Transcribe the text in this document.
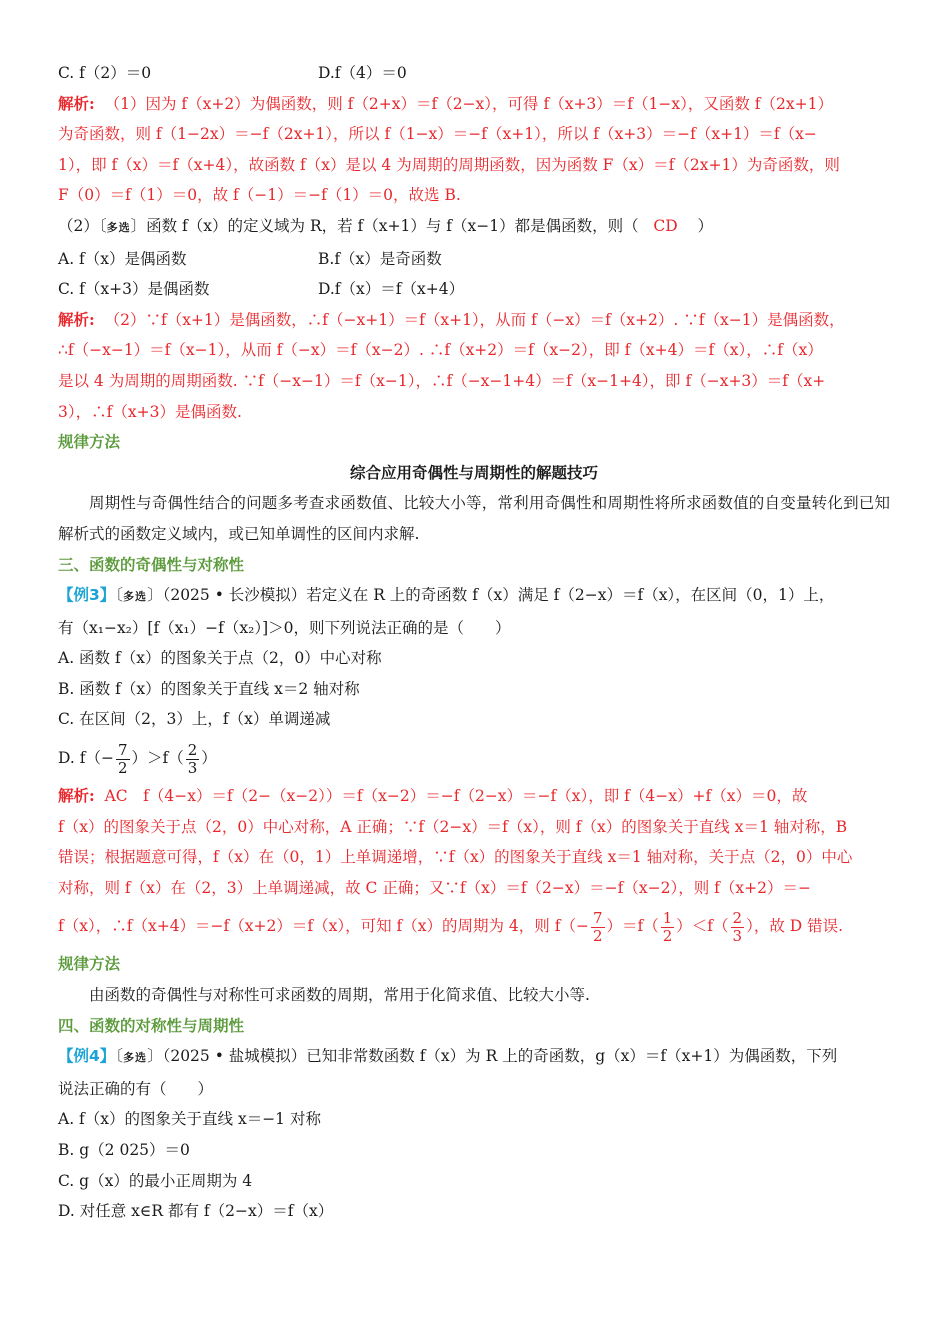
C. f（2）＝0	D.f（4）＝0
解析: （1）因为 f（x+2）为偶函数，则 f（2+x）＝f（2−x），可得 f（x+3）＝f（1−x），又函数 f（2x+1）
为奇函数，则 f（1−2x）＝−f（2x+1），所以 f（1−x）＝−f（x+1），所以 f（x+3）＝−f（x+1）＝f（x−
1），即 f（x）＝f（x+4），故函数 f（x）是以 4 为周期的周期函数，因为函数 F（x）＝f（2x+1）为奇函数，则
F（0）＝f（1）＝0，故 f（−1）＝−f（1）＝0，故选 B.
（2）〔多选〕函数 f（x）的定义域为 R，若 f（x+1）与 f（x−1）都是偶函数，则（ CD ）
A. f（x）是偶函数	B.f（x）是奇函数
C. f（x+3）是偶函数	D.f（x）＝f（x+4）
解析: （2）∵f（x+1）是偶函数，∴f（−x+1）＝f（x+1），从而 f（−x）＝f（x+2）. ∵f（x−1）是偶函数，
∴f（−x−1）＝f（x−1），从而 f（−x）＝f（x−2）. ∴f（x+2）＝f（x−2），即 f（x+4）＝f（x），∴f（x）
是以 4 为周期的周期函数. ∵f（−x−1）＝f（x−1），∴f（−x−1+4）＝f（x−1+4），即 f（−x+3）＝f（x+
3），∴f（x+3）是偶函数.
规律方法
综合应用奇偶性与周期性的解题技巧
周期性与奇偶性结合的问题多考查求函数值、比较大小等，常利用奇偶性和周期性将所求函数值的自变量转化到已知解析式的函数定义域内，或已知单调性的区间内求解.
三、函数的奇偶性与对称性
【例3】〔多选〕（2025 • 长沙模拟）若定义在 R 上的奇函数 f（x）满足 f（2−x）＝f（x），在区间（0，1）上，
有（x₁−x₂）[f（x₁）−f（x₂）]＞0，则下列说法正确的是（　　）
A. 函数 f（x）的图象关于点（2，0）中心对称
B. 函数 f（x）的图象关于直线 x＝2 轴对称
C. 在区间（2，3）上，f（x）单调递减
D. $f(- \frac{7}{2} )>f( \frac{2}{3}$ ）
解析: AC　f（4−x）＝f（2−（x−2））＝f（x−2）＝−f（2−x）＝−f（x），即 f（4−x）+f（x）＝0，故
f（x）的图象关于点（2，0）中心对称，A 正确；∵f（2−x）＝f（x），则 f（x）的图象关于直线 x＝1 轴对称，B
错误；根据题意可得，f（x）在（0，1）上单调递增，∵f（x）的图象关于直线 x＝1 轴对称，关于点（2，0）中心
对称，则 f（x）在（2，3）上单调递减，故 C 正确；又∵f（x）＝f（2−x）＝−f（x−2），则 f（x+2）＝−
f（x），∴f（x+4）＝−f（x+2）＝f（x），可知 f（x）的周期为 4，则 $f(- \frac{7}{2} )=f( \frac{1}{2} )<f( \frac{2}{3}$ ），故 D 错误.
规律方法
由函数的奇偶性与对称性可求函数的周期，常用于化简求值、比较大小等.
四、函数的对称性与周期性
【例4】〔多选〕（2025 • 盐城模拟）已知非常数函数 f（x）为 R 上的奇函数，g（x）＝f（x+1）为偶函数，下列
说法正确的有（　　）
A. f（x）的图象关于直线 x＝−1 对称
B. g（2 025）＝0
C. g（x）的最小正周期为 4
D. 对任意 x∈R 都有 f（2−x）＝f（x）
